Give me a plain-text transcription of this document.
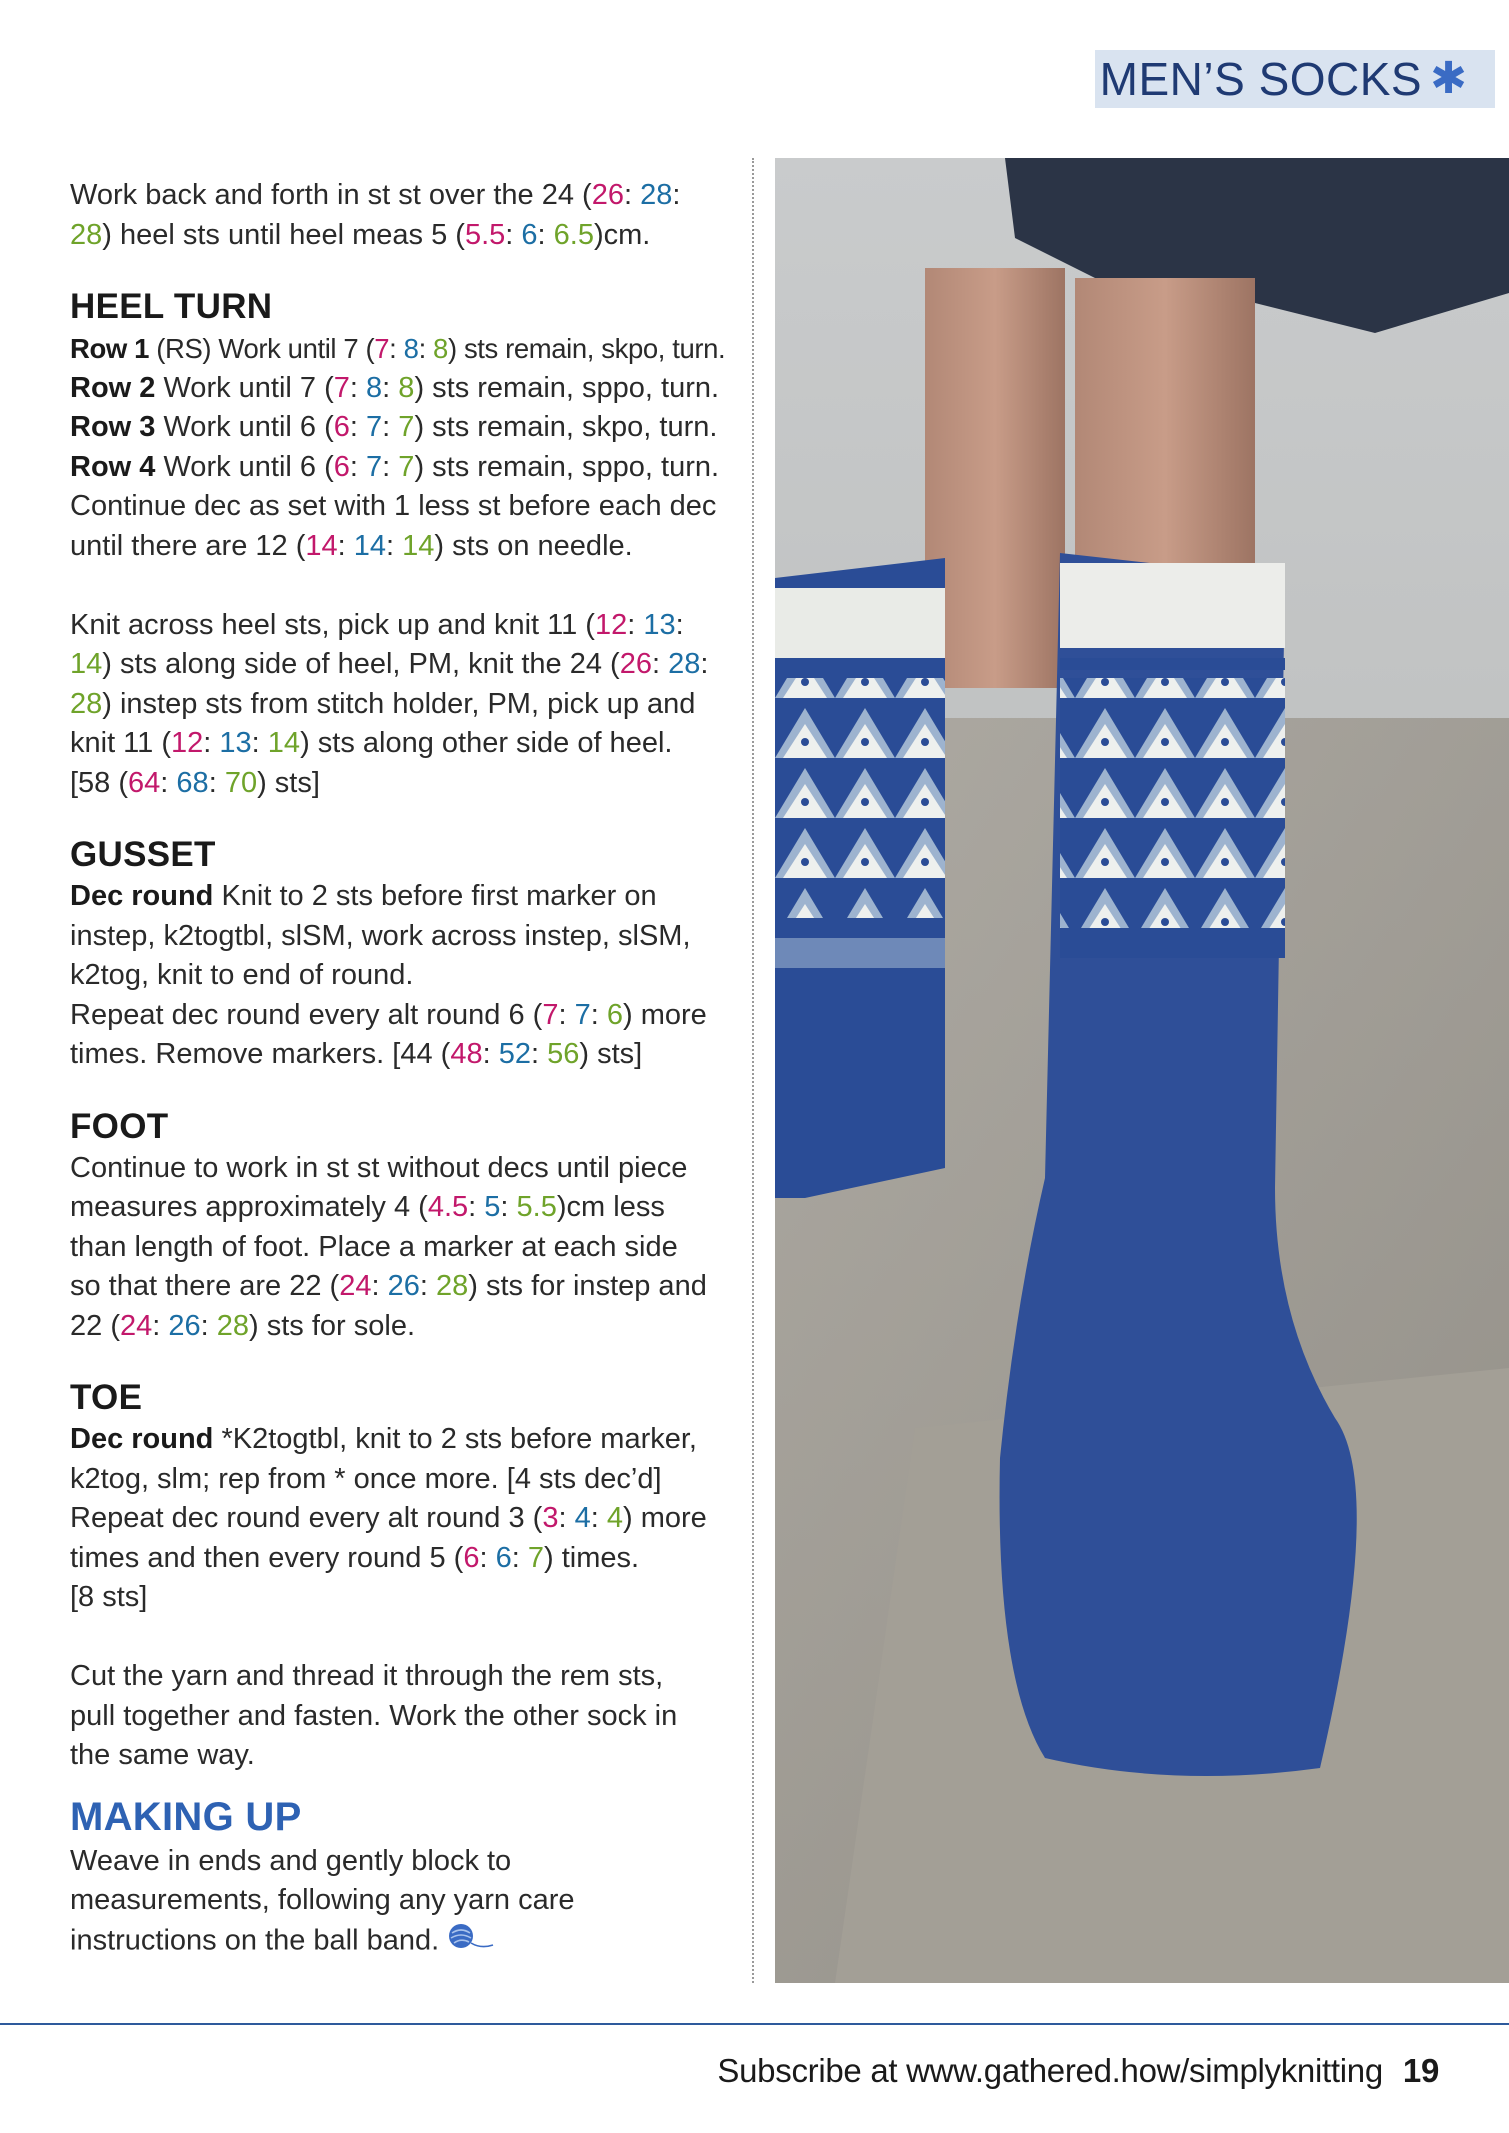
MEN’S SOCKS ✱

Work back and forth in st st over the 24 (26: 28:
28) heel sts until heel meas 5 (5.5: 6: 6.5)cm.

HEEL TURN

Row 1 (RS) Work until 7 (7: 8: 8) sts remain, skpo, turn.

Row 2 Work until 7 (7: 8: 8) sts remain, sppo, turn.

Row 3 Work until 6 (6: 7: 7) sts remain, skpo, turn.

Row 4 Work until 6 (6: 7: 7) sts remain, sppo, turn.

Continue dec as set with 1 less st before each dec
until there are 12 (14: 14: 14) sts on needle.

Knit across heel sts, pick up and knit 11 (12: 13:
14) sts along side of heel, PM, knit the 24 (26: 28:
28) instep sts from stitch holder, PM, pick up and
knit 11 (12: 13: 14) sts along other side of heel.
[58 (64: 68: 70) sts]

GUSSET

Dec round Knit to 2 sts before first marker on
instep, k2togtbl, slSM, work across instep, slSM,
k2tog, knit to end of round.
Repeat dec round every alt round 6 (7: 7: 6) more
times. Remove markers. [44 (48: 52: 56) sts]

FOOT

Continue to work in st st without decs until piece
measures approximately 4 (4.5: 5: 5.5)cm less
than length of foot. Place a marker at each side
so that there are 22 (24: 26: 28) sts for instep and
22 (24: 26: 28) sts for sole.

TOE

Dec round *K2togtbl, knit to 2 sts before marker,
k2tog, slm; rep from * once more. [4 sts dec’d]
Repeat dec round every alt round 3 (3: 4: 4) more
times and then every round 5 (6: 6: 7) times.
[8 sts]

Cut the yarn and thread it through the rem sts,
pull together and fasten. Work the other sock in
the same way.

MAKING UP

Weave in ends and gently block to
measurements, following any yarn care
instructions on the ball band.

Subscribe at www.gathered.how/simplyknitting 19
